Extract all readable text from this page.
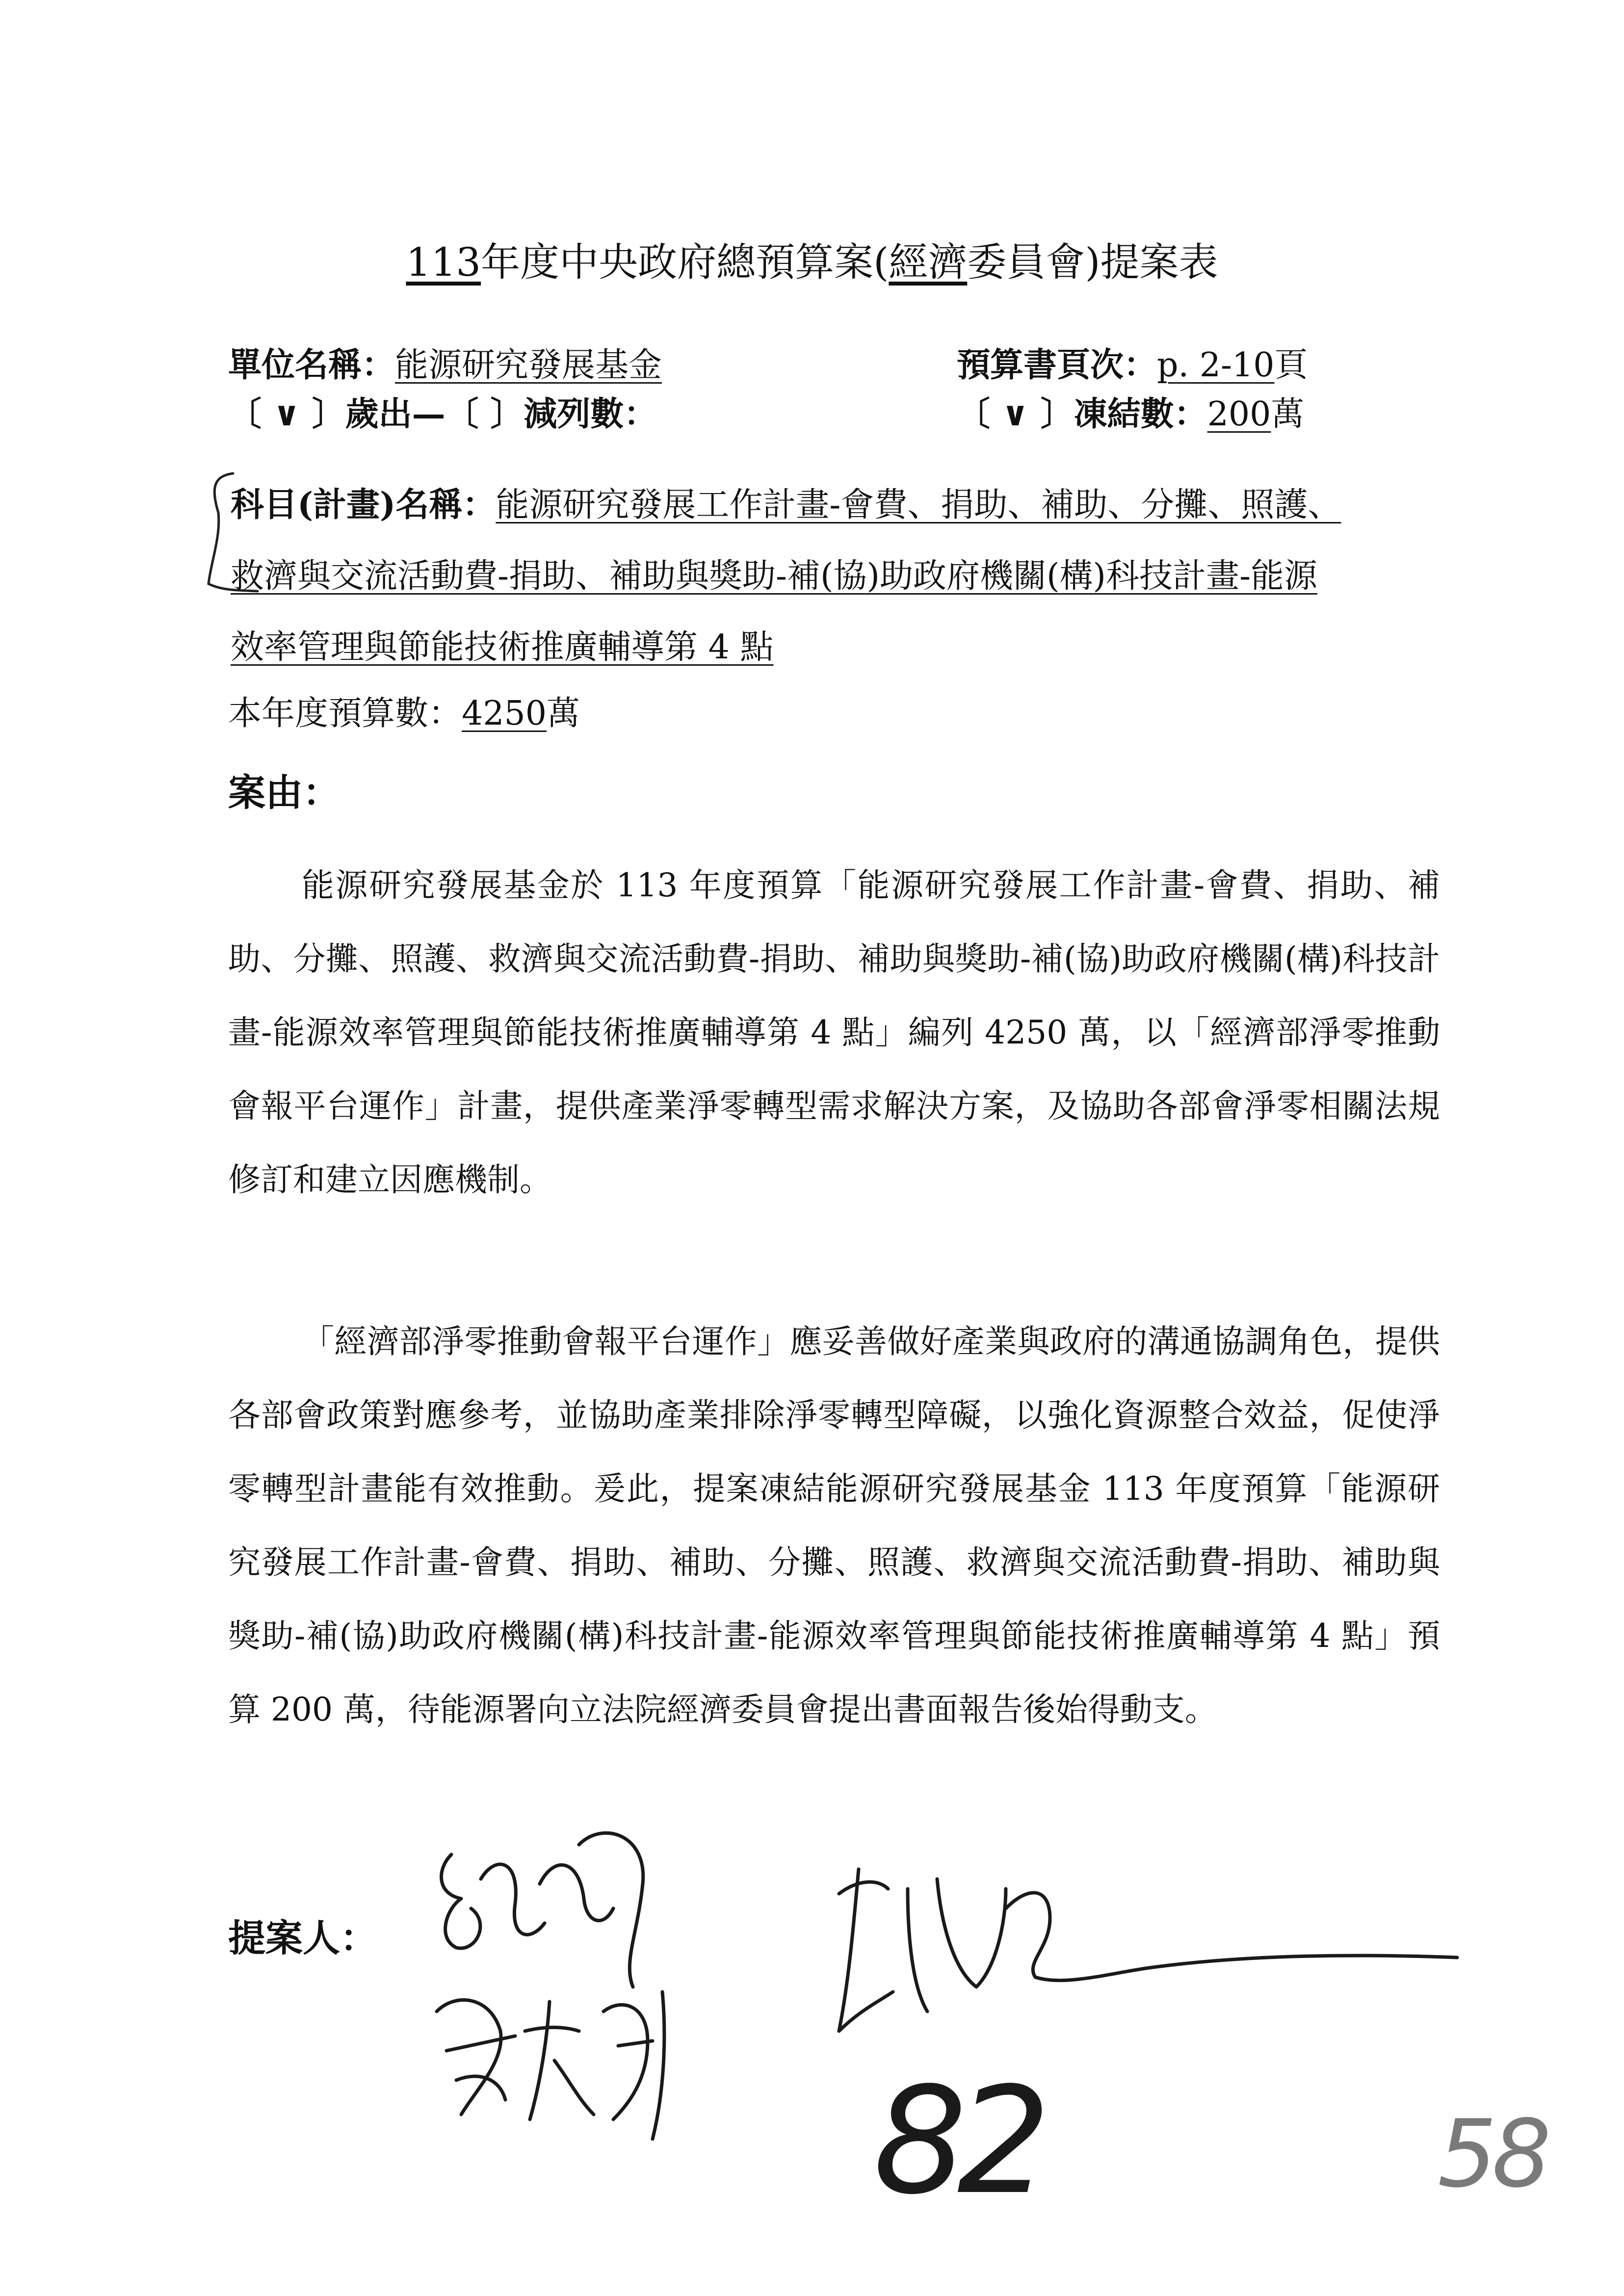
113年度中央政府總預算案(經濟委員會)提案表
單位名稱：能源研究發展基金	預算書頁次：p. 2-10頁
〔 ∨ 〕歲出—〔 〕減列數：	〔 ∨ 〕凍結數：200萬
科目(計畫)名稱：能源研究發展工作計畫-會費、捐助、補助、分攤、照護、
救濟與交流活動費-捐助、補助與獎助-補(協)助政府機關(構)科技計畫-能源
效率管理與節能技術推廣輔導第 4 點
本年度預算數：4250萬
案由：
能源研究發展基金於 113 年度預算「能源研究發展工作計畫-會費、捐助、補助、分攤、照護、救濟與交流活動費-捐助、補助與獎助-補(協)助政府機關(構)科技計畫-能源效率管理與節能技術推廣輔導第 4 點」編列 4250 萬，以「經濟部淨零推動會報平台運作」計畫，提供產業淨零轉型需求解決方案，及協助各部會淨零相關法規修訂和建立因應機制。
「經濟部淨零推動會報平台運作」應妥善做好產業與政府的溝通協調角色，提供各部會政策對應參考，並協助產業排除淨零轉型障礙，以強化資源整合效益，促使淨零轉型計畫能有效推動。爰此，提案凍結能源研究發展基金 113 年度預算「能源研究發展工作計畫-會費、捐助、補助、分攤、照護、救濟與交流活動費-捐助、補助與獎助-補(協)助政府機關(構)科技計畫-能源效率管理與節能技術推廣輔導第 4 點」預算 200 萬，待能源署向立法院經濟委員會提出書面報告後始得動支。
提案人：
82	58
